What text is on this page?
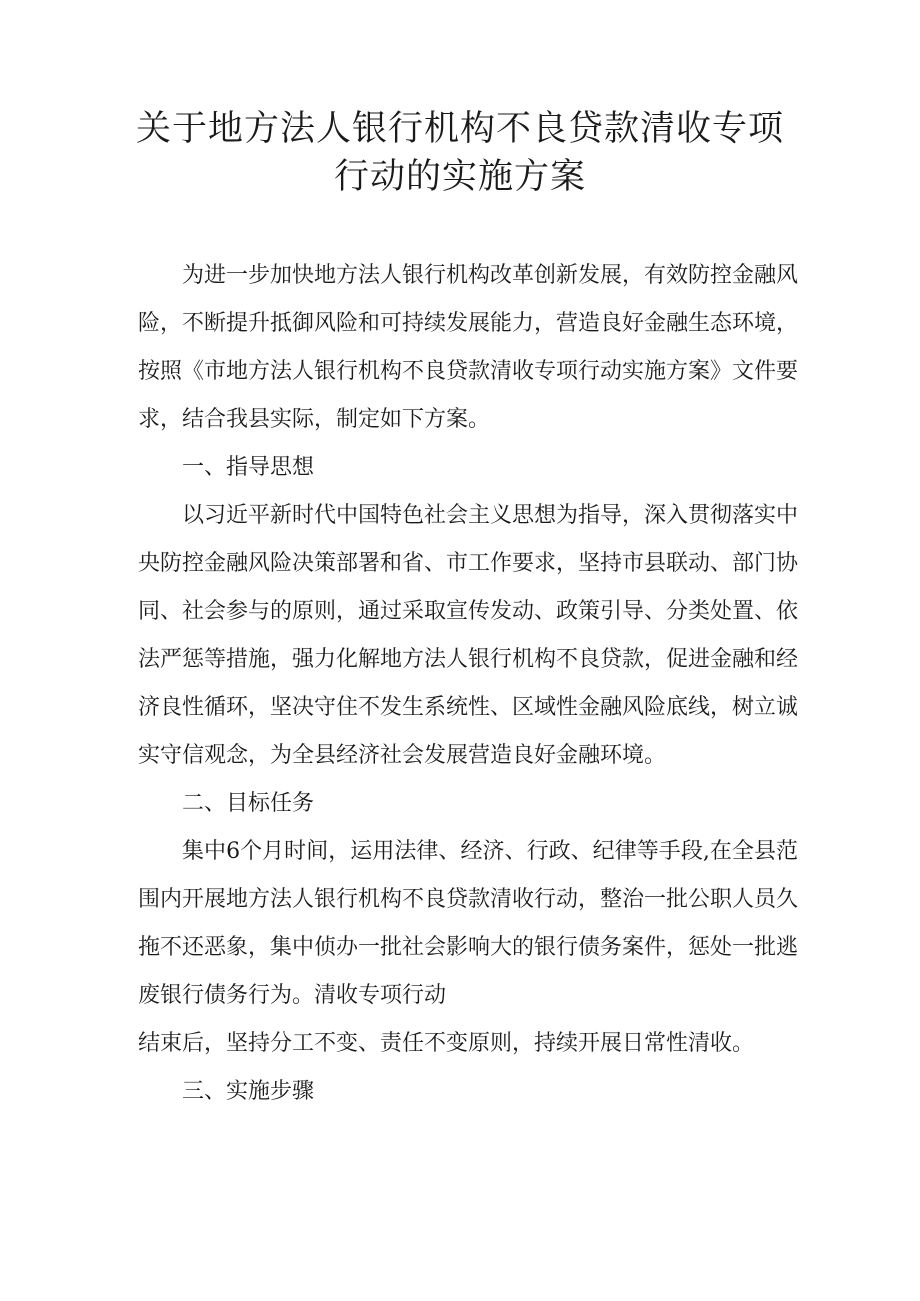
关于地方法人银行机构不良贷款清收专项
行动的实施方案

为进一步加快地方法人银行机构改革创新发展，有效防控金融风险，不断提升抵御风险和可持续发展能力，营造良好金融生态环境，按照《市地方法人银行机构不良贷款清收专项行动实施方案》文件要求，结合我县实际，制定如下方案。

一、指导思想

以习近平新时代中国特色社会主义思想为指导，深入贯彻落实中央防控金融风险决策部署和省、市工作要求，坚持市县联动、部门协同、社会参与的原则，通过采取宣传发动、政策引导、分类处置、依法严惩等措施，强力化解地方法人银行机构不良贷款，促进金融和经济良性循环，坚决守住不发生系统性、区域性金融风险底线，树立诚实守信观念，为全县经济社会发展营造良好金融环境。

二、目标任务

集中6个月时间，运用法律、经济、行政、纪律等手段,在全县范围内开展地方法人银行机构不良贷款清收行动，整治一批公职人员久拖不还恶象，集中侦办一批社会影响大的银行债务案件，惩处一批逃废银行债务行为。清收专项行动

结束后，坚持分工不变、责任不变原则，持续开展日常性清收。

三、实施步骤
